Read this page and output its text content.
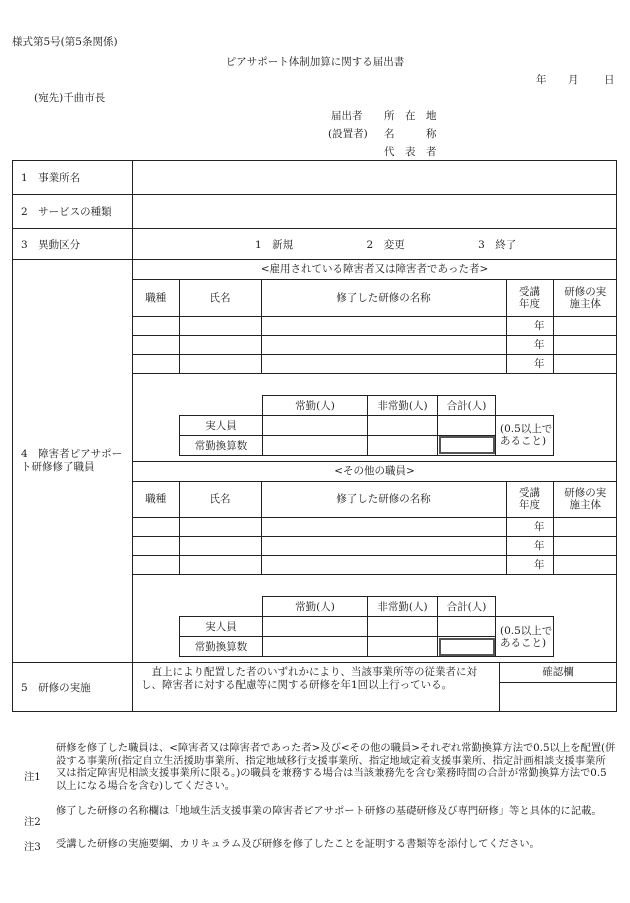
様式第5号(第5条関係)
ピアサポート体制加算に関する届出書
年 月 日
(宛先)千曲市長
届出者 所　在　地
(設置者) 名　　　称
代　表　者
1　事業所名	
2　サービスの種類	
3　異動区分	1　新規	2　変更	3　終了
4　障害者ピアサポート研修修了職員	
<雇用されている障害者又は障害者であった者>
職種	氏名	修了した研修の名称	受講年度	研修の実施主体
			年	
			年	
			年	
	常勤(人)	非常勤(人)	合計(人)	
実人員				(0.5以上であること)
常勤換算数			
<その他の職員>
職種	氏名	修了した研修の名称	受講年度	研修の実施主体
			年	
			年	
			年	
	常勤(人)	非常勤(人)	合計(人)	
実人員				(0.5以上であること)
常勤換算数			

5　研修の実施	
直上により配置した者のいずれかにより、当該事業所等の従業者に対し、障害者に対する配慮等に関する研修を年1回以上行っている。
確認欄
注1
研修を修了した職員は、<障害者又は障害者であった者>及び<その他の職員>それぞれ常勤換算方法で0.5以上を配置(併設する事業所(指定自立生活援助事業所、指定地域移行支援事業所、指定地域定着支援事業所、指定計画相談支援事業所又は指定障害児相談支援事業所に限る。)の職員を兼務する場合は当該兼務先を含む業務時間の合計が常勤換算方法で0.5以上になる場合を含む)してください。
注2
修了した研修の名称欄は「地域生活支援事業の障害者ピアサポート研修の基礎研修及び専門研修」等と具体的に記載。
注3 受講した研修の実施要綱、カリキュラム及び研修を修了したことを証明する書類等を添付してください。
